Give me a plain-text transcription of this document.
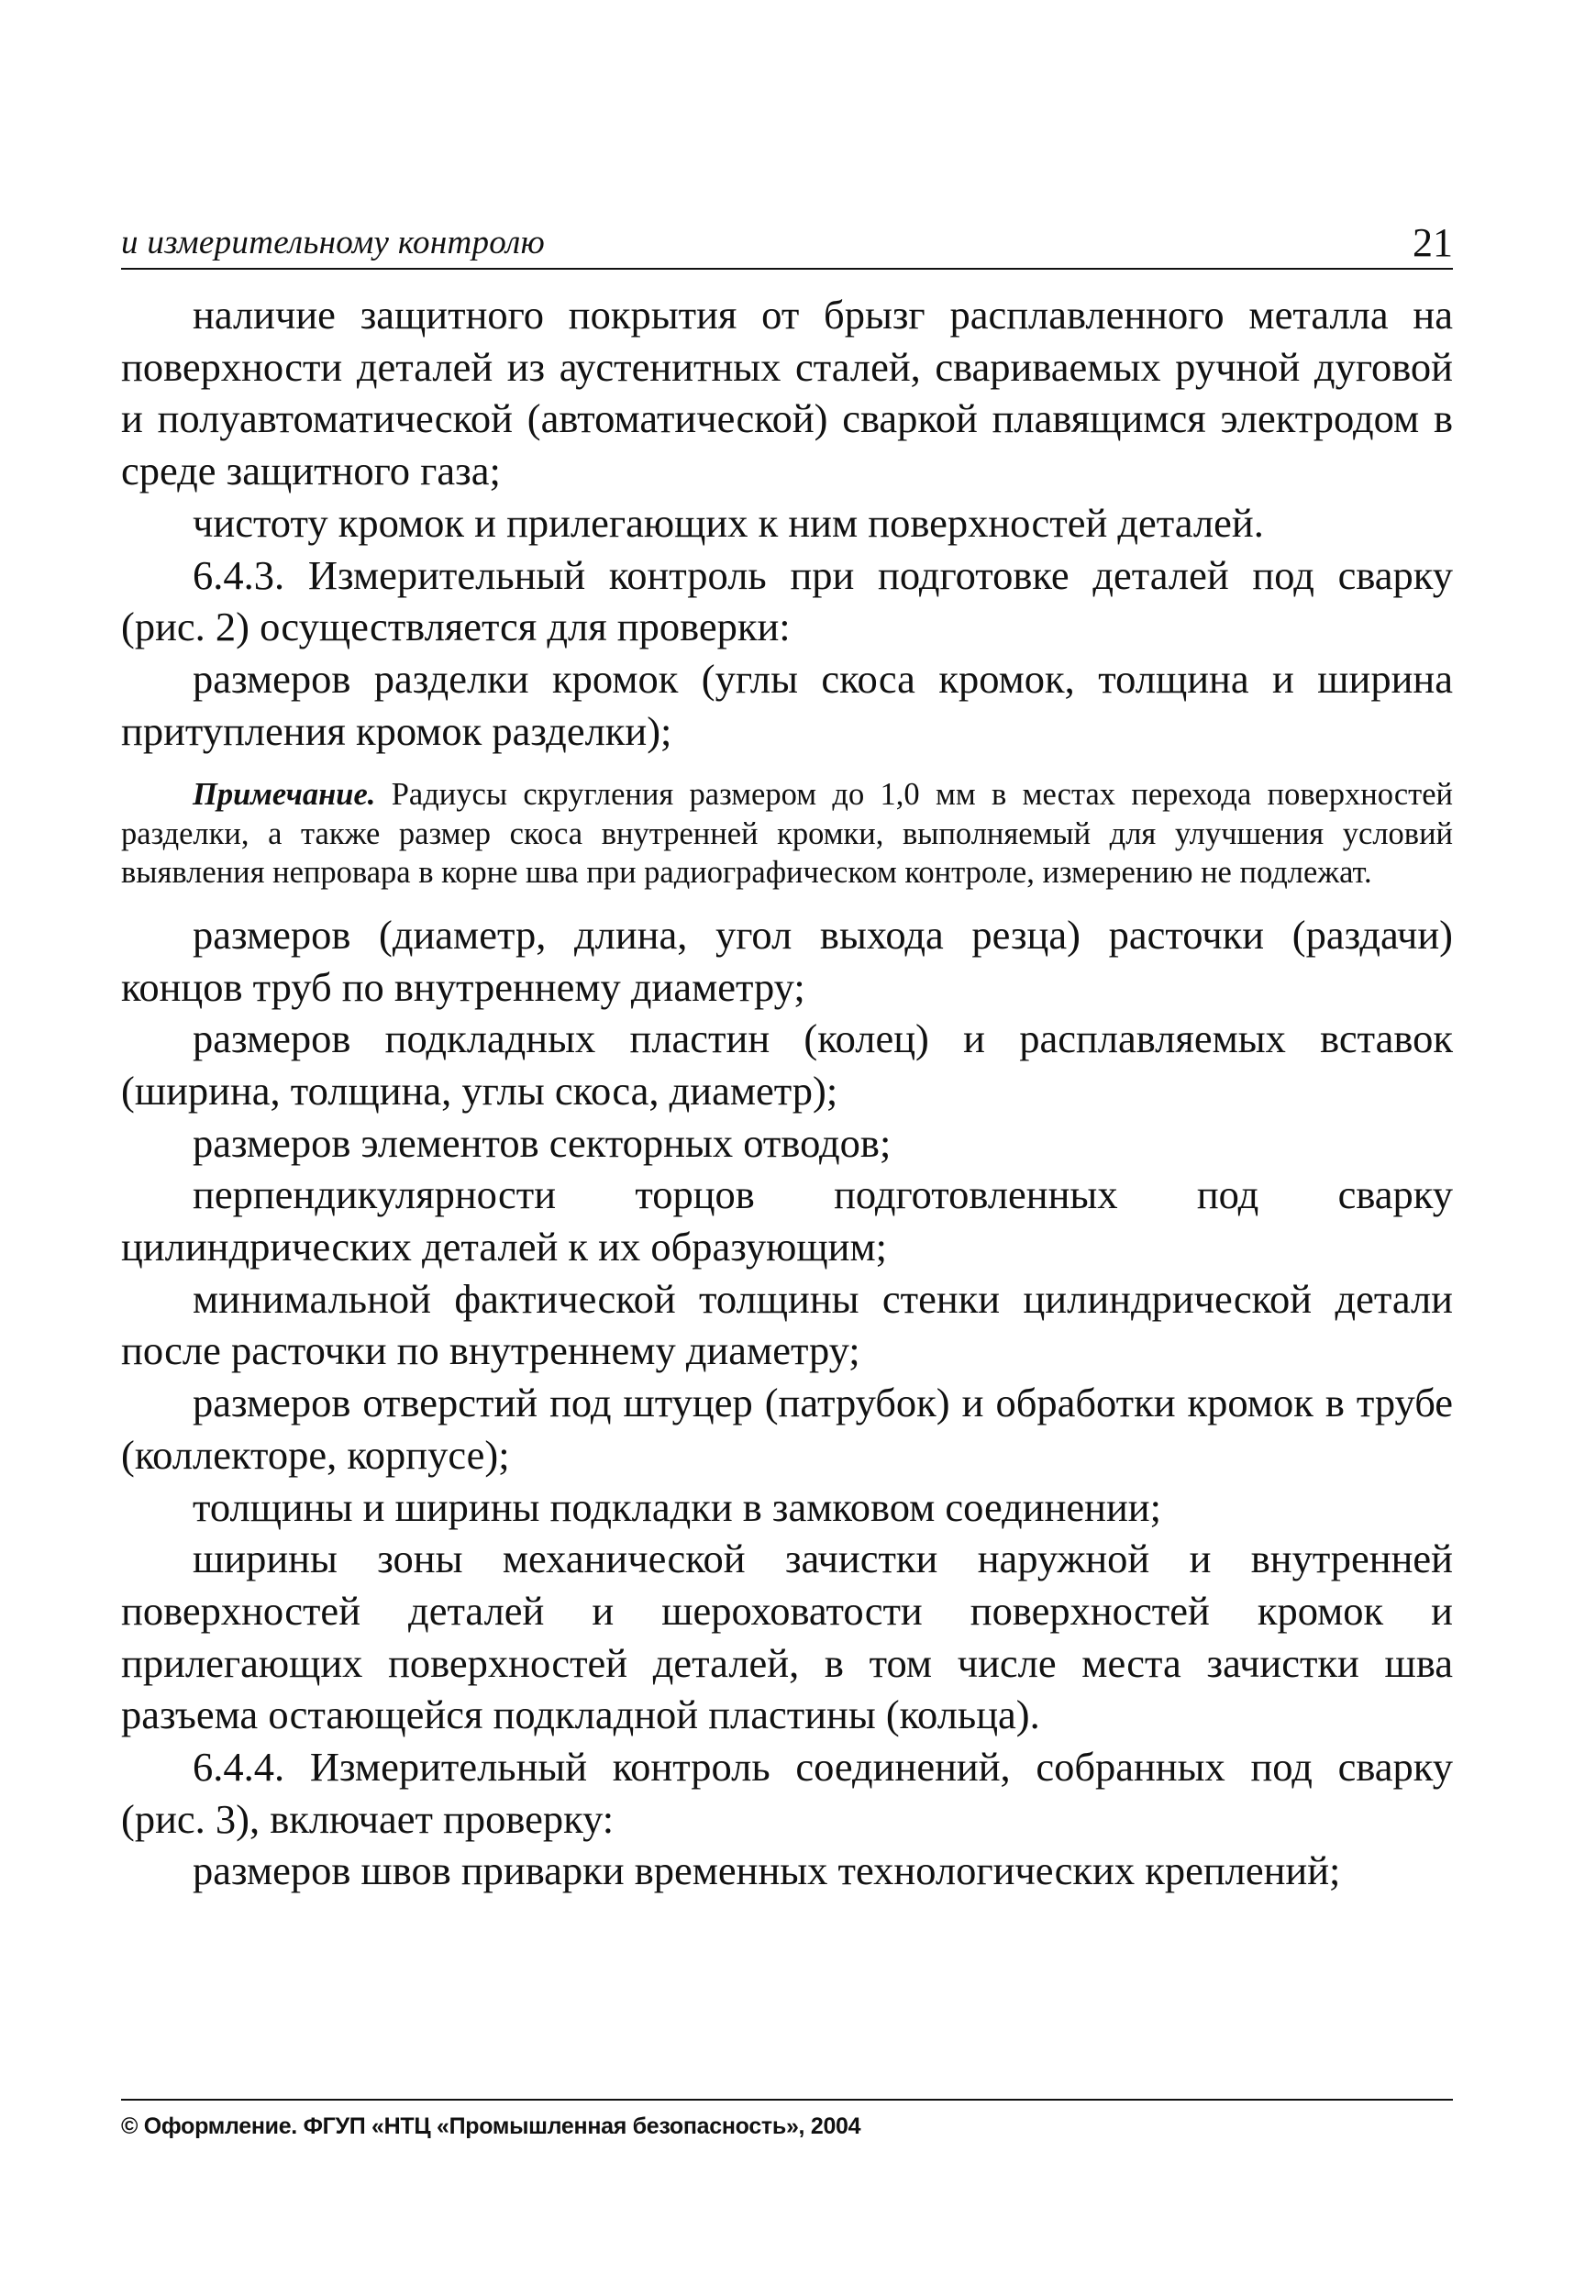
и измерительному контролю	21

наличие защитного покрытия от брызг расплавленного металла на поверхности деталей из аустенитных сталей, свариваемых ручной дуговой и полуавтоматической (автоматической) сваркой плавящимся электродом в среде защитного газа;

чистоту кромок и прилегающих к ним поверхностей деталей.

6.4.3. Измерительный контроль при подготовке деталей под сварку (рис. 2) осуществляется для проверки:

размеров разделки кромок (углы скоса кромок, толщина и ширина притупления кромок разделки);

Примечание. Радиусы скругления размером до 1,0 мм в местах перехода поверхностей разделки, а также размер скоса внутренней кромки, выполняемый для улучшения условий выявления непровара в корне шва при радиографическом контроле, измерению не подлежат.

размеров (диаметр, длина, угол выхода резца) расточки (раздачи) концов труб по внутреннему диаметру;

размеров подкладных пластин (колец) и расплавляемых вставок (ширина, толщина, углы скоса, диаметр);

размеров элементов секторных отводов;

перпендикулярности торцов подготовленных под сварку цилиндрических деталей к их образующим;

минимальной фактической толщины стенки цилиндрической детали после расточки по внутреннему диаметру;

размеров отверстий под штуцер (патрубок) и обработки кромок в трубе (коллекторе, корпусе);

толщины и ширины подкладки в замковом соединении;

ширины зоны механической зачистки наружной и внутренней поверхностей деталей и шероховатости поверхностей кромок и прилегающих поверхностей деталей, в том числе места зачистки шва разъема остающейся подкладной пластины (кольца).

6.4.4. Измерительный контроль соединений, собранных под сварку (рис. 3), включает проверку:

размеров швов приварки временных технологических креплений;

© Оформление. ФГУП «НТЦ «Промышленная безопасность», 2004
